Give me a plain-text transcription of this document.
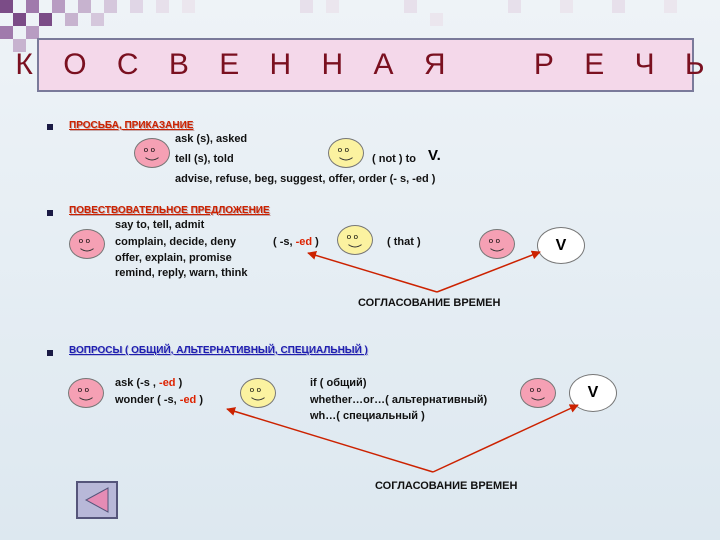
К О С В Е Н Н А Я    Р Е Ч Ь
ПРОСЬБА, ПРИКАЗАНИЕ
ask (s), asked
tell (s), told	( not ) to V.
advise, refuse, beg, suggest, offer, order (- s, -ed )
o o	o o
ПОВЕСТВОВАТЕЛЬНОЕ ПРЕДЛОЖЕНИЕ
say to, tell, admit
complain, decide, deny	( -s, -ed )	( that )
offer, explain, promise
remind, reply, warn, think
СОГЛАСОВАНИЕ ВРЕМЕН
o o	o o	o o	V
ВОПРОСЫ ( ОБЩИЙ, АЛЬТЕРНАТИВНЫЙ, СПЕЦИАЛЬНЫЙ )
ask (-s , -ed )
wonder ( -s, -ed )
if ( общий)
whether…or…( альтернативный)
wh…( специальный )
СОГЛАСОВАНИЕ ВРЕМЕН
o o	o o	o o	V
